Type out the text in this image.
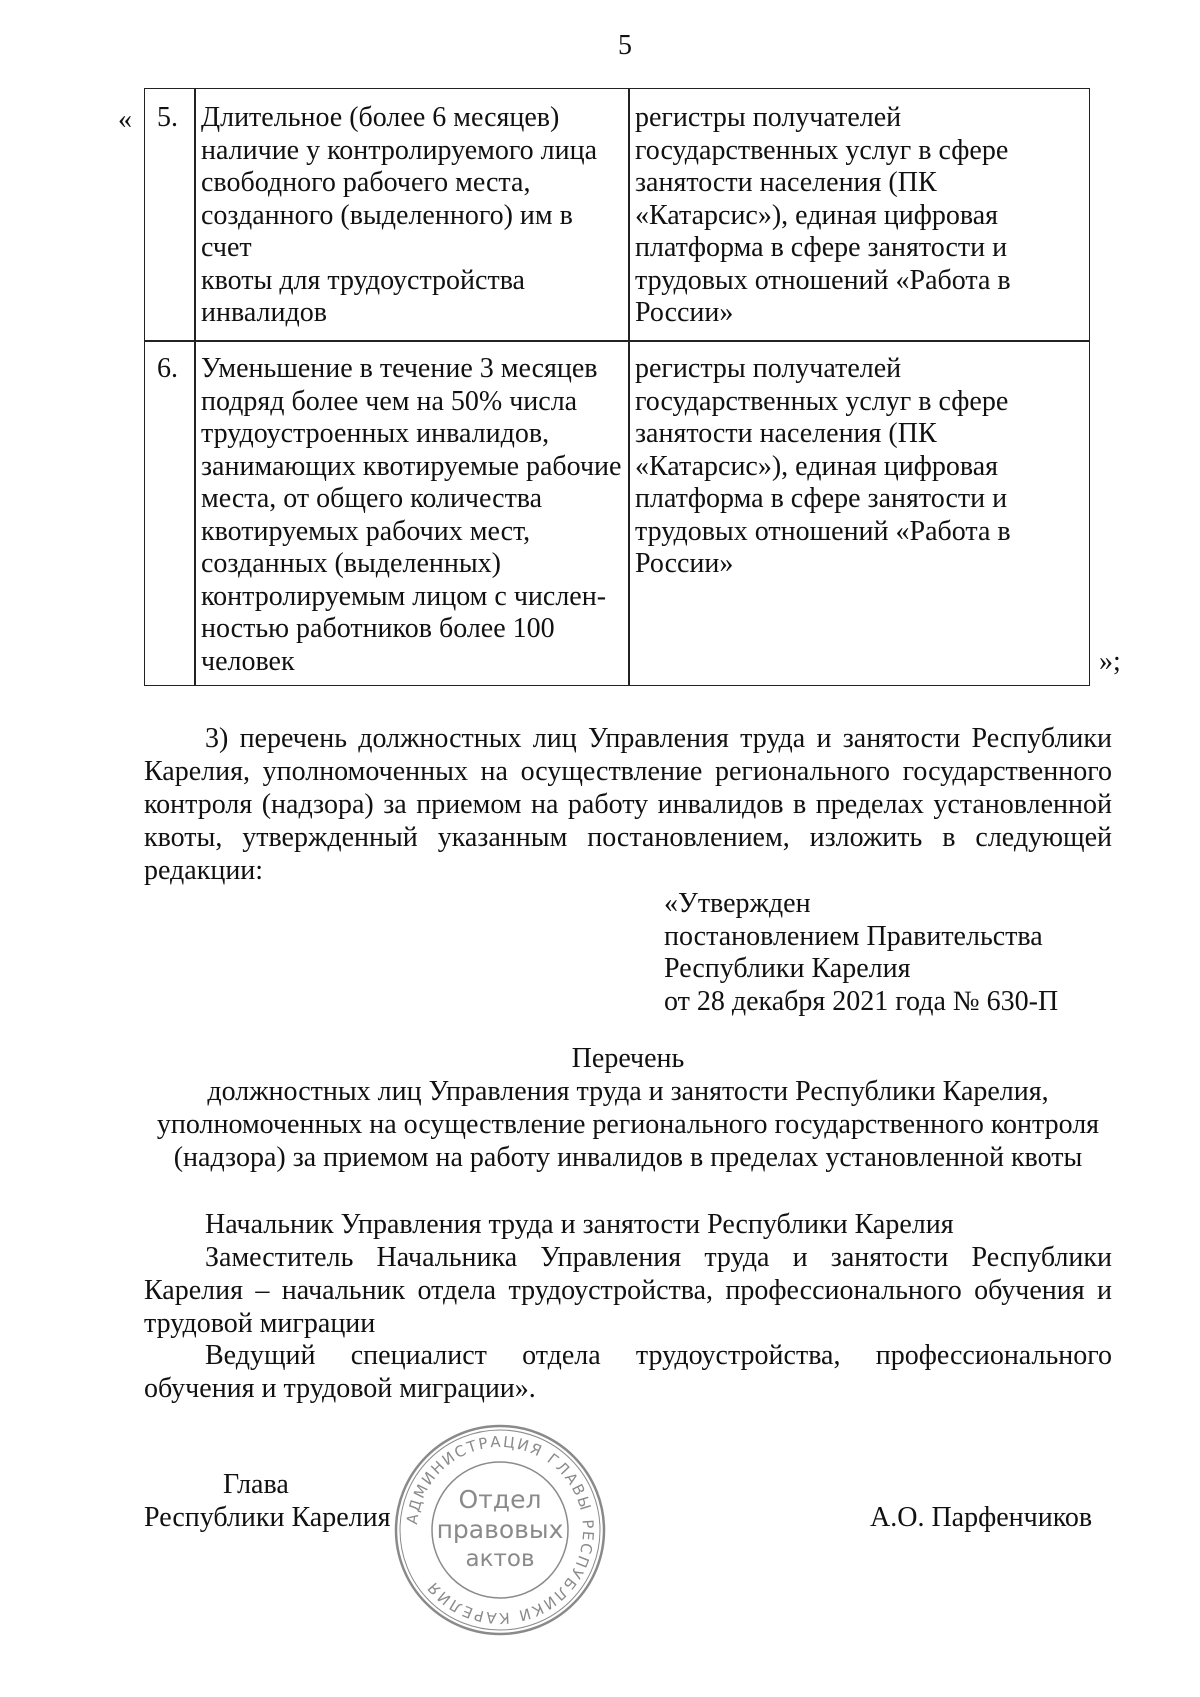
5
« 5. Длительное (более 6 месяцев)
наличие у контролируемого лица
свободного рабочего места,
созданного (выделенного) им в счет
квоты для трудоустройства
инвалидов
регистры получателей
государственных услуг в сфере
занятости населения (ПК
«Катарсис»), единая цифровая
платформа в сфере занятости и
трудовых отношений «Работа в
России»
6. Уменьшение в течение 3 месяцев
подряд более чем на 50% числа
трудоустроенных инвалидов,
занимающих квотируемые рабочие
места, от общего количества
квотируемых рабочих мест,
созданных (выделенных)
контролируемым лицом с числен-
ностью работников более 100
человек
регистры получателей
государственных услуг в сфере
занятости населения (ПК
«Катарсис»), единая цифровая
платформа в сфере занятости и
трудовых отношений «Работа в
России»
»;
3) перечень должностных лиц Управления труда и занятости Республики
Карелия, уполномоченных на осуществление регионального государственного
контроля (надзора) за приемом на работу инвалидов в пределах установленной
квоты, утвержденный указанным постановлением, изложить в следующей
редакции:
«Утвержден
постановлением Правительства
Республики Карелия
от 28 декабря 2021 года № 630-П
Перечень
должностных лиц Управления труда и занятости Республики Карелия,
уполномоченных на осуществление регионального государственного контроля
(надзора) за приемом на работу инвалидов в пределах установленной квоты
Начальник Управления труда и занятости Республики Карелия
Заместитель Начальника Управления труда и занятости Республики
Карелия – начальник отдела трудоустройства, профессионального обучения и
трудовой миграции
Ведущий специалист отдела трудоустройства, профессионального
обучения и трудовой миграции».
Глава
Республики Карелия	А.О. Парфенчиков
АДМИНИСТРАЦИЯ ГЛАВЫ РЕСПУБЛИКИ КАРЕЛИЯ
Отдел
правовых
актов
